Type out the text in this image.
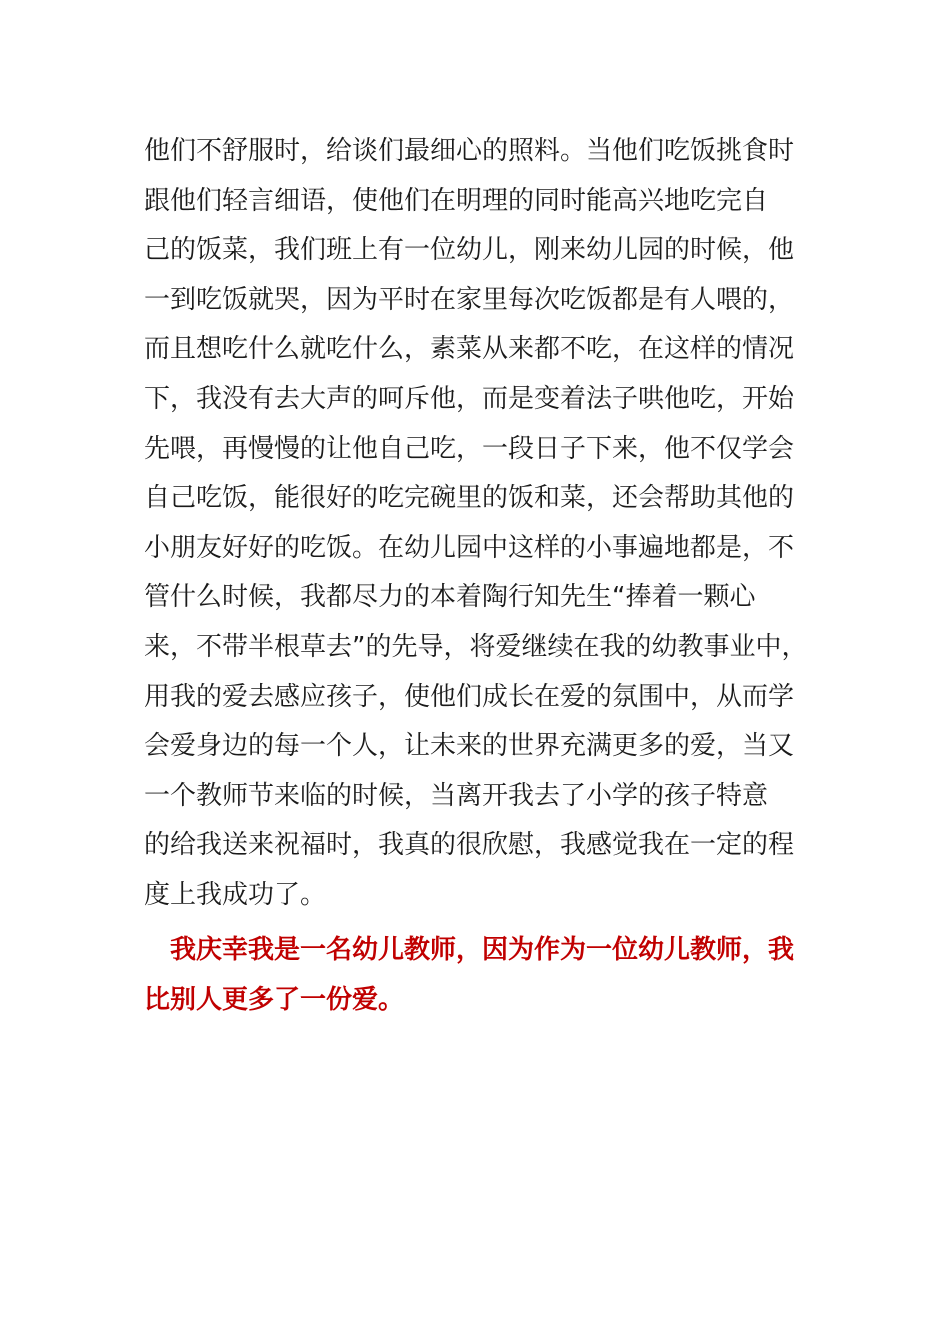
他们不舒服时，给谈们最细心的照料。当他们吃饭挑食时
跟他们轻言细语，使他们在明理的同时能高兴地吃完自
己的饭菜，我们班上有一位幼儿，刚来幼儿园的时候，他
一到吃饭就哭，因为平时在家里每次吃饭都是有人喂的，
而且想吃什么就吃什么，素菜从来都不吃，在这样的情况
下，我没有去大声的呵斥他，而是变着法子哄他吃，开始
先喂，再慢慢的让他自己吃，一段日子下来，他不仅学会
自己吃饭，能很好的吃完碗里的饭和菜，还会帮助其他的
小朋友好好的吃饭。在幼儿园中这样的小事遍地都是，不
管什么时候，我都尽力的本着陶行知先生“捧着一颗心
来，不带半根草去”的先导，将爱继续在我的幼教事业中，
用我的爱去感应孩子，使他们成长在爱的氛围中，从而学
会爱身边的每一个人，让未来的世界充满更多的爱，当又
一个教师节来临的时候，当离开我去了小学的孩子特意
的给我送来祝福时，我真的很欣慰，我感觉我在一定的程
度上我成功了。
我庆幸我是一名幼儿教师，因为作为一位幼儿教师，我
比别人更多了一份爱。
